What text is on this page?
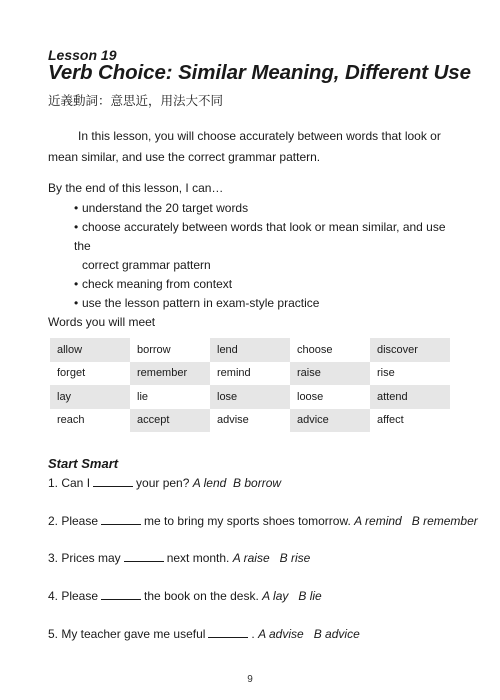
Lesson 19
Verb Choice: Similar Meaning, Different Use
近義動詞：意思近，用法大不同
In this lesson, you will choose accurately between words that look or mean similar, and use the correct grammar pattern.
By the end of this lesson, I can…
• understand the 20 target words
• choose accurately between words that look or mean similar, and use the
correct grammar pattern
• check meaning from context
• use the lesson pattern in exam-style practice
Words you will meet
allow	borrow	lend	choose	discover
forget	remember	remind	raise	rise
lay	lie	lose	loose	attend
reach	accept	advise	advice	affect
Start Smart
1. Can I	your pen? A lend B borrow
2. Please	me to bring my sports shoes tomorrow. A remind B remember
3. Prices may	next month. A raise B rise
4. Please	the book on the desk. A lay B lie
5. My teacher gave me useful	. A advise B advice
9
